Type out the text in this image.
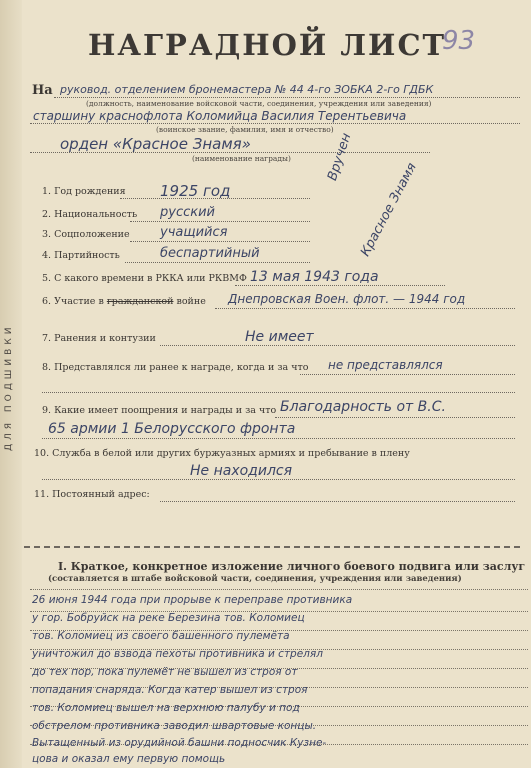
НАГРАДНОЙ ЛИСТ
93
На руковод. отделением бронемастера № 44 4-го ЗОБКА 2-го ГДБК
(должность, наименование войсковой части, соединения, учреждения или заведения)
старшину краснофлота Коломийца Василия Терентьевича
(воинское звание, фамилия, имя и отчество)
орден «Красное Знамя»
(наименование награды)	Вручен
Красное Знамя
1. Год рождения 1925 год
2. Национальность русский
3. Соцположение учащийся
4. Партийность	беспартийный
5. С какого времени в РККА или РКВМФ 13 мая 1943 года
6. Участие в гражданской войне Днепровская Воен. флот. — 1944 год
7. Ранения и контузии	Не имеет
8. Представлялся ли ранее к награде, когда и за что не представлялся
9. Какие имеет поощрения и награды и за что Благодарность от В.С.
65 армии 1 Белорусского фронта
10. Служба в белой или других буржуазных армиях и пребывание в плену
Не находился
11. Постоянный адрес:
ДЛЯ ПОДШИВКИ
I. Краткое, конкретное изложение личного боевого подвига или заслуг
(составляется в штабе войсковой части, соединения, учреждения или заведения)
26 июня 1944 года при прорыве к переправе противника
у гор. Бобруйск на реке Березина тов. Коломиец
тов. Коломиец из своего башенного пулемёта
уничтожил до взвода пехоты противника и стрелял
до тех пор, пока пулемёт не вышел из строя от
попадания снаряда. Когда катер вышел из строя
тов. Коломиец вышел на верхнюю палубу и под
обстрелом противника заводил швартовые концы.
Вытащенный из орудийной башни подносчик Кузне-
цова и оказал ему первую помощь
